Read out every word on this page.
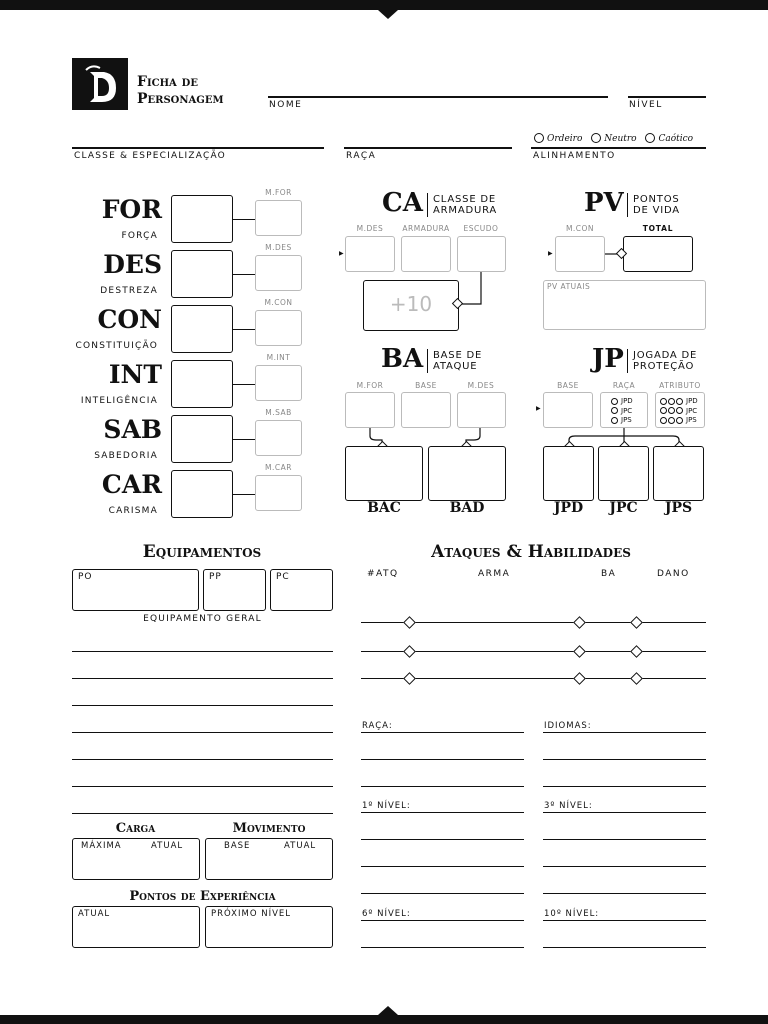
Ficha de
Personagem	NOME	NÍVEL
CLASSE & ESPECIALIZAÇÃO	RAÇA	ALINHAMENTO
Ordeiro Neutro Caótico
FOR
FORÇA
M.FOR
DES
DESTREZA
M.DES
CON
CONSTITUIÇÃO
M.CON
INT
INTELIGÊNCIA
M.INT
SAB
SABEDORIA
M.SAB
CAR
CARISMA
M.CAR
CA CLASSE DE
ARMADURA
M.DES	ARMADURA	ESCUDO
▶
+10
PV PONTOS
DE VIDA
M.CON	TOTAL
▶
PV ATUAIS
BA BASE DE
ATAQUE
M.FOR	BASE	M.DES
BAC	BAD
JP JOGADA DE
PROTEÇÃO
BASE	RAÇA	ATRIBUTO
▶
JPD
JPC
JPS
JPD
JPC
JPS
JPD	JPC	JPS
Equipamentos
PO	PP	PC
EQUIPAMENTO GERAL
Carga	Movimento
MÁXIMA	ATUAL	BASE	ATUAL
Pontos de Experiência
ATUAL	PRÓXIMO NÍVEL
Ataques & Habilidades
#ATQ	ARMA	BA	DANO
RAÇA:	IDIOMAS:
1º NÍVEL:	3º NÍVEL:
6º NÍVEL:	10º NÍVEL:
